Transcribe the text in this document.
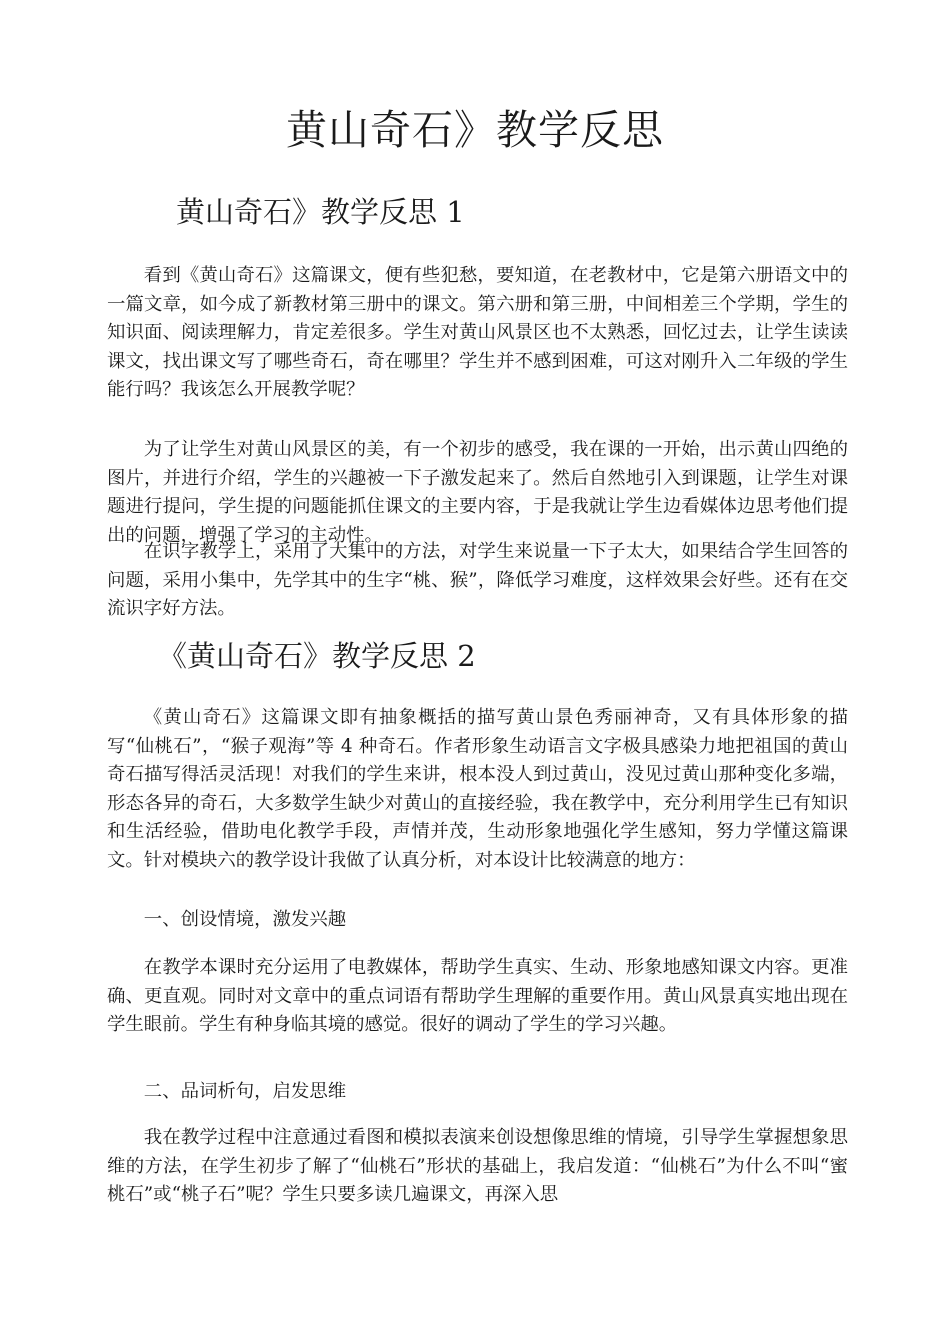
黄山奇石》教学反思
黄山奇石》教学反思 1

看到《黄山奇石》这篇课文，便有些犯愁，要知道，在老教材中，它是第六册语文中的一篇文章，如今成了新教材第三册中的课文。第六册和第三册，中间相差三个学期，学生的知识面、阅读理解力，肯定差很多。学生对黄山风景区也不太熟悉，回忆过去，让学生读读课文，找出课文写了哪些奇石，奇在哪里？学生并不感到困难，可这对刚升入二年级的学生能行吗？我该怎么开展教学呢？

为了让学生对黄山风景区的美，有一个初步的感受，我在课的一开始，出示黄山四绝的图片，并进行介绍，学生的兴趣被一下子激发起来了。然后自然地引入到课题，让学生对课题进行提问，学生提的问题能抓住课文的主要内容，于是我就让学生边看媒体边思考他们提出的问题，增强了学习的主动性。

在识字教学上，采用了大集中的方法，对学生来说量一下子太大，如果结合学生回答的问题，采用小集中，先学其中的生字“桃、猴”，降低学习难度，这样效果会好些。还有在交流识字好方法。

《黄山奇石》教学反思 2

《黄山奇石》这篇课文即有抽象概括的描写黄山景色秀丽神奇，又有具体形象的描写“仙桃石”，“猴子观海”等 4 种奇石。作者形象生动语言文字极具感染力地把祖国的黄山奇石描写得活灵活现！对我们的学生来讲，根本没人到过黄山，没见过黄山那种变化多端，形态各异的奇石，大多数学生缺少对黄山的直接经验，我在教学中，充分利用学生已有知识和生活经验，借助电化教学手段，声情并茂，生动形象地强化学生感知，努力学懂这篇课文。针对模块六的教学设计我做了认真分析，对本设计比较满意的地方：

一、创设情境，激发兴趣

在教学本课时充分运用了电教媒体，帮助学生真实、生动、形象地感知课文内容。更准确、更直观。同时对文章中的重点词语有帮助学生理解的重要作用。黄山风景真实地出现在学生眼前。学生有种身临其境的感觉。很好的调动了学生的学习兴趣。

二、品词析句，启发思维

我在教学过程中注意通过看图和模拟表演来创设想像思维的情境，引导学生掌握想象思维的方法，在学生初步了解了“仙桃石”形状的基础上，我启发道：“仙桃石”为什么不叫“蜜桃石”或“桃子石”呢？学生只要多读几遍课文，再深入思
